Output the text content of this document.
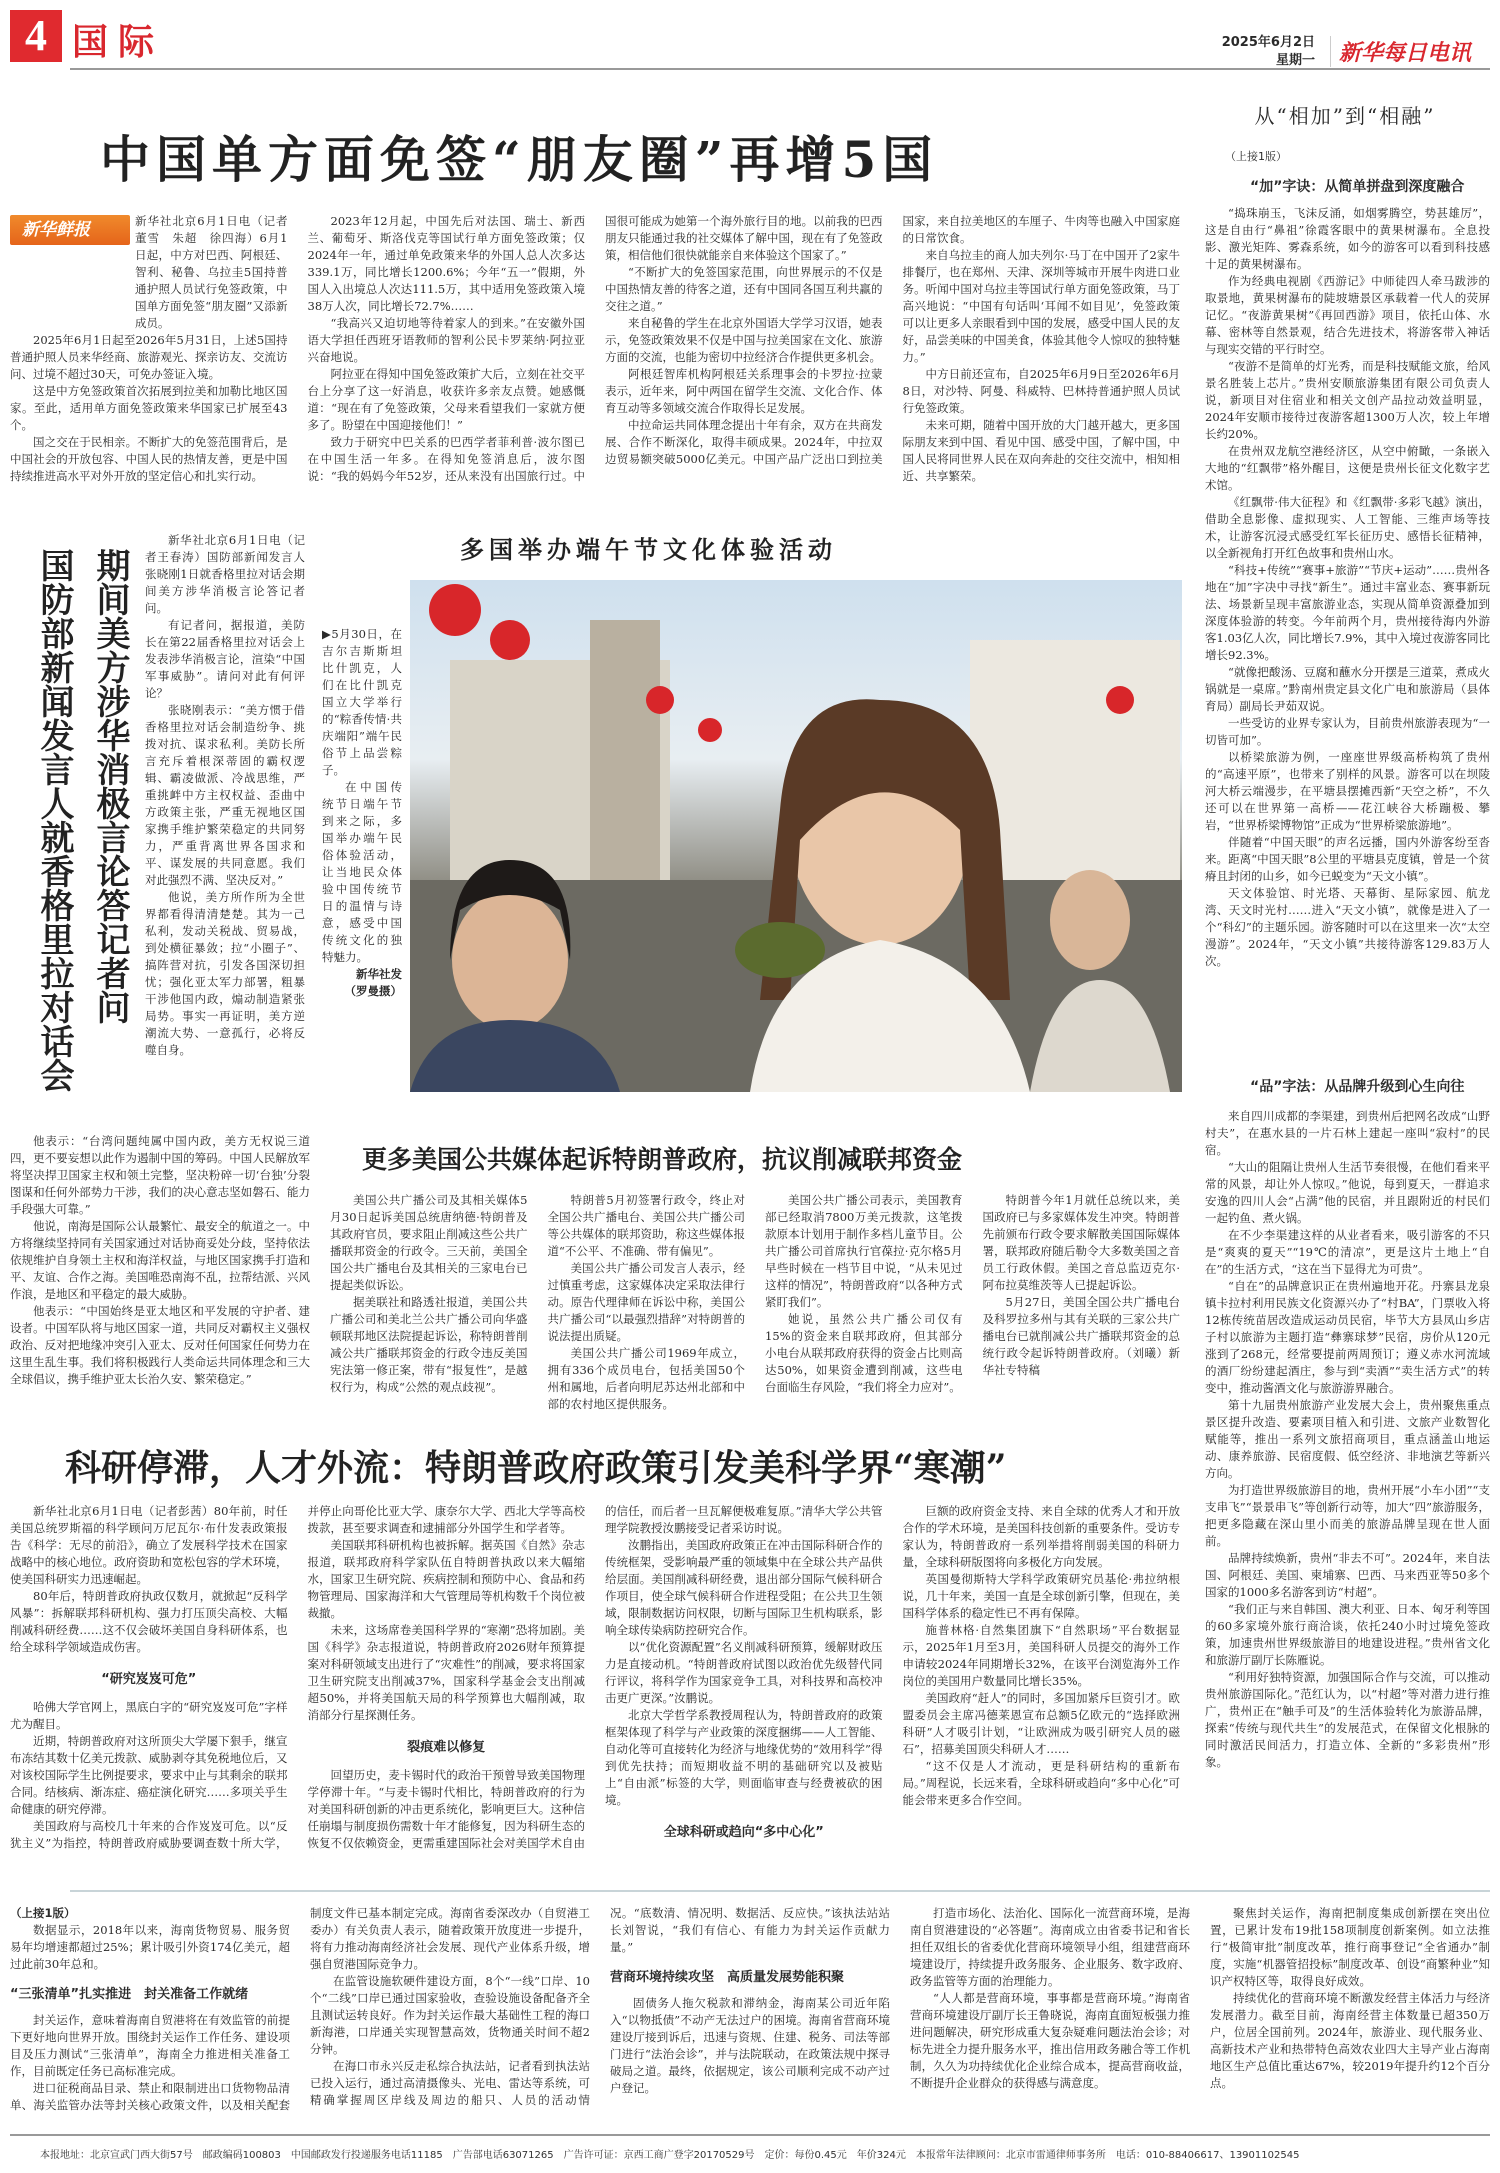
4 国际	2025年6月2日
星期一	新华每日电讯
中国单方面免签“朋友圈”再增5国
新华鲜报	新华社北京6月1日电（记者董雪　朱超　徐四海）6月1日起，中方对巴西、阿根廷、智利、秘鲁、乌拉圭5国持普通护照人员试行免签政策，中国单方面免签“朋友圈”又添新成员。

2025年6月1日起至2026年5月31日，上述5国持普通护照人员来华经商、旅游观光、探亲访友、交流访问、过境不超过30天，可免办签证入境。

这是中方免签政策首次拓展到拉美和加勒比地区国家。至此，适用单方面免签政策来华国家已扩展至43个。

国之交在于民相亲。不断扩大的免签范围背后，是中国社会的开放包容、中国人民的热情友善，更是中国持续推进高水平对外开放的坚定信心和扎实行动。

2023年12月起，中国先后对法国、瑞士、新西兰、葡萄牙、斯洛伐克等国试行单方面免签政策；仅2024年一年，通过单免政策来华的外国人总人次多达339.1万，同比增长1200.6%；今年“五一”假期，外国人入出境总人次达111.5万，其中适用免签政策入境38万人次，同比增长72.7%……

“我高兴又迫切地等待着家人的到来。”在安徽外国语大学担任西班牙语教师的智利公民卡罗莱纳·阿拉亚兴奋地说。

阿拉亚在得知中国免签政策扩大后，立刻在社交平台上分享了这一好消息，收获许多亲友点赞。她感慨道：“现在有了免签政策，父母来看望我们一家就方便多了。盼望在中国迎接他们！”

致力于研究中巴关系的巴西学者菲利普·波尔图已在中国生活一年多。在得知免签消息后，波尔图说：“我的妈妈今年52岁，还从来没有出国旅行过。中国很可能成为她第一个海外旅行目的地。以前我的巴西朋友只能通过我的社交媒体了解中国，现在有了免签政策，相信他们很快就能亲自来体验这个国家了。”

“不断扩大的免签国家范围，向世界展示的不仅是中国热情友善的待客之道，还有中国同各国互利共赢的交往之道。”

来自秘鲁的学生在北京外国语大学学习汉语，她表示，免签政策效果不仅是中国与拉美国家在文化、旅游方面的交流，也能为密切中拉经济合作提供更多机会。

阿根廷智库机构阿根廷关系理事会的卡罗拉·拉蒙表示，近年来，阿中两国在留学生交流、文化合作、体育互动等多领域交流合作取得长足发展。

中拉命运共同体理念提出十年有余，双方在共商发展、合作不断深化，取得丰硕成果。2024年，中拉双边贸易额突破5000亿美元。中国产品广泛出口到拉美国家，来自拉美地区的车厘子、牛肉等也融入中国家庭的日常饮食。

来自乌拉圭的商人加夫列尔·马丁在中国开了2家牛排餐厅，也在郑州、天津、深圳等城市开展牛肉进口业务。听闻中国对乌拉圭等国试行单方面免签政策，马丁高兴地说：“中国有句话叫‘耳闻不如目见’，免签政策可以让更多人亲眼看到中国的发展，感受中国人民的友好，品尝美味的中国美食，体验其他令人惊叹的独特魅力。”

中方日前还宣布，自2025年6月9日至2026年6月8日，对沙特、阿曼、科威特、巴林持普通护照人员试行免签政策。

未来可期，随着中国开放的大门越开越大，更多国际朋友来到中国、看见中国、感受中国，了解中国，中国人民将同世界人民在双向奔赴的交往交流中，相知相近、共享繁荣。

国防部新闻发言人就香格里拉对话会 期间美方涉华消极言论答记者问

新华社北京6月1日电（记者王春涛）国防部新闻发言人张晓刚1日就香格里拉对话会期间美方涉华消极言论答记者问。

有记者问，据报道，美防长在第22届香格里拉对话会上发表涉华消极言论，渲染“中国军事威胁”。请问对此有何评论？

张晓刚表示：“美方惯于借香格里拉对话会制造纷争、挑拨对抗、谋求私利。美防长所言充斥着根深蒂固的霸权逻辑、霸凌做派、冷战思维，严重挑衅中方主权权益、歪曲中方政策主张，严重无视地区国家携手维护繁荣稳定的共同努力，严重背离世界各国求和平、谋发展的共同意愿。我们对此强烈不满、坚决反对。”

他说，美方所作所为全世界都看得清清楚楚。其为一己私利，发动关税战、贸易战，到处横征暴敛；拉“小圈子”、搞阵营对抗，引发各国深切担忧；强化亚太军力部署，粗暴干涉他国内政，煽动制造紧张局势。事实一再证明，美方逆潮流大势、一意孤行，必将反噬自身。

他表示：“台湾问题纯属中国内政，美方无权说三道四，更不要妄想以此作为遏制中国的筹码。中国人民解放军将坚决捍卫国家主权和领土完整，坚决粉碎一切‘台独’分裂图谋和任何外部势力干涉，我们的决心意志坚如磐石、能力手段强大可靠。”

他说，南海是国际公认最繁忙、最安全的航道之一。中方将继续坚持同有关国家通过对话协商妥处分歧，坚持依法依规维护自身领土主权和海洋权益，与地区国家携手打造和平、友谊、合作之海。美国唯恐南海不乱，拉帮结派、兴风作浪，是地区和平稳定的最大威胁。

他表示：“中国始终是亚太地区和平发展的守护者、建设者。中国军队将与地区国家一道，共同反对霸权主义强权政治、反对把地缘冲突引入亚太、反对任何国家任何势力在这里生乱生事。我们将积极践行人类命运共同体理念和三大全球倡议，携手维护亚太长治久安、繁荣稳定。”

多国举办端午节文化体验活动

▶5月30日，在吉尔吉斯斯坦比什凯克，人们在比什凯克国立大学举行的“粽香传情·共庆端阳”端午民俗节上品尝粽子。

在中国传统节日端午节到来之际，多国举办端午民俗体验活动，让当地民众体验中国传统节日的温情与诗意，感受中国传统文化的独特魅力。

新华社发

（罗曼摄）

更多美国公共媒体起诉特朗普政府，抗议削减联邦资金

美国公共广播公司及其相关媒体5月30日起诉美国总统唐纳德·特朗普及其政府官员，要求阻止削减这些公共广播联邦资金的行政令。三天前，美国全国公共广播电台及其相关的三家电台已提起类似诉讼。

据美联社和路透社报道，美国公共广播公司和美北兰公共广播公司向华盛顿联邦地区法院提起诉讼，称特朗普削减公共广播联邦资金的行政令违反美国宪法第一修正案，带有“报复性”，是越权行为，构成“公然的观点歧视”。

特朗普5月初签署行政令，终止对全国公共广播电台、美国公共广播公司等公共媒体的联邦资助，称这些媒体报道“不公平、不准确、带有偏见”。

美国公共广播公司发言人表示，经过慎重考虑，这家媒体决定采取法律行动。原告代理律师在诉讼中称，美国公共广播公司“以最强烈措辞”对特朗普的说法提出质疑。

美国公共广播公司1969年成立，拥有336个成员电台，包括美国50个州和属地，后者向明尼苏达州北部和中部的农村地区提供服务。

美国公共广播公司表示，美国教育部已经取消7800万美元拨款，这笔拨款原本计划用于制作多档儿童节目。公共广播公司首席执行官葆拉·克尔格5月早些时候在一档节目中说，“从未见过这样的情况”，特朗普政府“以各种方式紧盯我们”。

她说，虽然公共广播公司仅有15%的资金来自联邦政府，但其部分小电台从联邦政府获得的资金占比则高达50%，如果资金遭到削减，这些电台面临生存风险，“我们将全力应对”。

特朗普今年1月就任总统以来，美国政府已与多家媒体发生冲突。特朗普先前颁布行政令要求解散美国国际媒体署，联邦政府随后勒令大多数美国之音员工行政休假。美国之音总监迈克尔·阿布拉莫维茨等人已提起诉讼。

5月27日，美国全国公共广播电台及科罗拉多州与其有关联的三家公共广播电台已就削减公共广播联邦资金的总统行政令起诉特朗普政府。（刘曦）新华社专特稿

科研停滞，人才外流：特朗普政府政策引发美科学界“寒潮”

新华社北京6月1日电（记者彭茜）80年前，时任美国总统罗斯福的科学顾问万尼瓦尔·布什发表政策报告《科学：无尽的前沿》，确立了发展科学技术在国家战略中的核心地位。政府资助和宽松包容的学术环境，使美国科研实力迅速崛起。

80年后，特朗普政府执政仅数月，就掀起“反科学风暴”：拆解联邦科研机构、强力打压顶尖高校、大幅削减科研经费……这不仅会破坏美国自身科研体系，也给全球科学领域造成伤害。

“研究岌岌可危”

哈佛大学官网上，黑底白字的“研究岌岌可危”字样尤为醒目。

近期，特朗普政府对这所顶尖大学屡下狠手，继宣布冻结其数十亿美元拨款、威胁剥夺其免税地位后，又对该校国际学生比例提要求，要求中止与其剩余的联邦合同。结核病、渐冻症、癌症演化研究……多项关乎生命健康的研究停滞。

美国政府与高校几十年来的合作岌岌可危。以“反犹主义”为指控，特朗普政府威胁要调查数十所大学，并停止向哥伦比亚大学、康奈尔大学、西北大学等高校拨款，甚至要求调查和逮捕部分外国学生和学者等。

美国联邦科研机构也被拆解。据英国《自然》杂志报道，联邦政府科学家队伍自特朗普执政以来大幅缩水，国家卫生研究院、疾病控制和预防中心、食品和药物管理局、国家海洋和大气管理局等机构数千个岗位被裁撤。

未来，这场席卷美国科学界的“寒潮”恐将加剧。美国《科学》杂志报道说，特朗普政府2026财年预算提案对科研领域支出进行了“灾难性”的削减，要求将国家卫生研究院支出削减37%，国家科学基金会支出削减超50%，并将美国航天局的科学预算也大幅削减，取消部分行星探测任务。

裂痕难以修复

回望历史，麦卡锡时代的政治干预曾导致美国物理学停滞十年。“与麦卡锡时代相比，特朗普政府的行为对美国科研创新的冲击更系统化，影响更巨大。这种信任崩塌与制度损伤需数十年才能修复，因为科研生态的恢复不仅依赖资金，更需重建国际社会对美国学术自由的信任，而后者一旦瓦解便极难复原。”清华大学公共管理学院教授汝鹏接受记者采访时说。

汝鹏指出，美国政府政策正在冲击国际科研合作的传统框架，受影响最严重的领域集中在全球公共产品供给层面。美国削减科研经费，退出部分国际气候科研合作项目，使全球气候科研合作进程受阻；在公共卫生领域，限制数据访问权限，切断与国际卫生机构联系，影响全球传染病防控研究合作。

以“优化资源配置”名义削减科研预算，缓解财政压力是直接动机。“特朗普政府试图以政治优先级替代同行评议，将科学作为国家竞争工具，对科技界和高校冲击更广更深。”汝鹏说。

北京大学哲学系教授周程认为，特朗普政府的政策框架体现了科学与产业政策的深度捆绑——人工智能、自动化等可直接转化为经济与地缘优势的“效用科学”得到优先扶持；而短期收益不明的基础研究以及被贴上“自由派”标签的大学，则面临审查与经费被砍的困境。

全球科研或趋向“多中心化”

巨额的政府资金支持、来自全球的优秀人才和开放合作的学术环境，是美国科技创新的重要条件。受访专家认为，特朗普政府一系列举措将削弱美国的科研力量，全球科研版图将向多极化方向发展。

英国曼彻斯特大学科学政策研究员基伦·弗拉纳根说，几十年来，美国一直是全球创新引擎，但现在，美国科学体系的稳定性已不再有保障。

施普林格·自然集团旗下“自然职场”平台数据显示，2025年1月至3月，美国科研人员提交的海外工作申请较2024年同期增长32%，在该平台浏览海外工作岗位的美国用户数量同比增长35%。

美国政府“赶人”的同时，多国加紧斥巨资引才。欧盟委员会主席冯德莱恩宣布总额5亿欧元的“选择欧洲科研”人才吸引计划，“让欧洲成为吸引研究人员的磁石”，招募美国顶尖科研人才……

“这不仅是人才流动，更是科研结构的重新布局。”周程说，长远来看，全球科研或趋向“多中心化”可能会带来更多合作空间。

从“相加”到“相融”
（上接1版）
“加”字诀：从简单拼盘到深度融合

“捣珠崩玉，飞沫反涌，如烟雾腾空，势甚雄厉”，这是自由行“鼻祖”徐霞客眼中的黄果树瀑布。全息投影、激光矩阵、雾森系统，如今的游客可以看到科技感十足的黄果树瀑布。

作为经典电视剧《西游记》中师徒四人牵马跋涉的取景地，黄果树瀑布的陡坡塘景区承载着一代人的荧屏记忆。“夜游黄果树”《再回西游》项目，依托山体、水幕、密林等自然景观，结合先进技术，将游客带入神话与现实交错的平行时空。

“夜游不是简单的灯光秀，而是科技赋能文旅，给风景名胜装上芯片。”贵州安顺旅游集团有限公司负责人说，新项目对住宿业和相关文创产品拉动效益明显，2024年安顺市接待过夜游客超1300万人次，较上年增长约20%。

在贵州双龙航空港经济区，从空中俯瞰，一条嵌入大地的“红飘带”格外醒目，这便是贵州长征文化数字艺术馆。

《红飘带·伟大征程》和《红飘带·多彩飞越》演出，借助全息影像、虚拟现实、人工智能、三维声场等技术，让游客沉浸式感受红军长征历史、感悟长征精神，以全新视角打开红色故事和贵州山水。

“科技+传统”“赛事+旅游”“节庆+运动”……贵州各地在“加”字决中寻找“新生”。通过丰富业态、赛事新玩法、场景新呈现丰富旅游业态，实现从简单资源叠加到深度体验游的转变。今年前两个月，贵州接待海内外游客1.03亿人次，同比增长7.9%，其中入境过夜游客同比增长92.3%。

“就像把酸汤、豆腐和蘸水分开摆是三道菜，煮成火锅就是一桌席。”黔南州贵定县文化广电和旅游局（县体育局）副局长尹茹双说。

一些受访的业界专家认为，目前贵州旅游表现为“一切皆可加”。

以桥梁旅游为例，一座座世界级高桥构筑了贵州的“高速平原”，也带来了别样的风景。游客可以在坝陵河大桥云端漫步，在平塘县摆摊西新“天空之桥”，不久还可以在世界第一高桥——花江峡谷大桥蹦极、攀岩，“世界桥梁博物馆”正成为“世界桥梁旅游地”。

伴随着“中国天眼”的声名远播，国内外游客纷至沓来。距离“中国天眼”8公里的平塘县克度镇，曾是一个贫瘠且封闭的山乡，如今已蜕变为“天文小镇”。

天文体验馆、时光塔、天幕街、星际家园、航龙湾、天文时光村……进入“天文小镇”，就像是进入了一个“科幻”的主题乐园。游客随时可以在这里来一次“太空漫游”。2024年，“天文小镇”共接待游客129.83万人次。

“品”字法：从品牌升级到心生向往

来自四川成都的李渠建，到贵州后把网名改成“山野村夫”，在惠水县的一片石林上建起一座叫“寂村”的民宿。

“大山的阻隔让贵州人生活节奏很慢，在他们看来平常的风景，却让外人惊叹。”他说，每到夏天，一群追求安逸的四川人会“占满”他的民宿，并且跟附近的村民们一起钓鱼、煮火锅。

在不少李渠建这样的从业者看来，吸引游客的不只是“爽爽的夏天”“19℃的清凉”，更是这片土地上“自在”的生活方式，“这在当下显得尤为可贵”。

“自在”的品牌意识正在贵州遍地开花。丹寨县龙泉镇卡拉村利用民族文化资源兴办了“村BA”，门票收入将12栋传统苗居改造成运动员民宿，毕节大方县凤山乡店子村以旅游为主题打造“彝寨球梦”民宿，房价从120元涨到了268元，经常要提前两周预订；遵义赤水河流域的酒厂纷纷建起酒庄，参与到“卖酒”“卖生活方式”的转变中，推动酱酒文化与旅游游界融合。

第十九届贵州旅游产业发展大会上，贵州聚焦重点景区提升改造、要素项目植入和引进、文旅产业数智化赋能等，推出一系列文旅招商项目，重点涵盖山地运动、康养旅游、民宿度假、低空经济、非地演艺等新兴方向。

为打造世界级旅游目的地，贵州开展“小车小团”“支支串飞”“景景串飞”等创新行动等，加大“四”旅游服务，把更多隐藏在深山里小而美的旅游品牌呈现在世人面前。

品牌持续焕新，贵州“非去不可”。2024年，来自法国、阿根廷、美国、柬埔寨、巴西、马来西亚等50多个国家的1000多名游客到访“村超”。

“我们正与来自韩国、澳大利亚、日本、匈牙利等国的60多家境外旅行商洽谈，依托240小时过境免签政策，加速贵州世界级旅游目的地建设进程。”贵州省文化和旅游厅副厅长陈雁说。

“利用好独特资源，加强国际合作与交流，可以推动贵州旅游国际化。”范红认为，以“村超”等对潜力进行推广，贵州正在“触手可及”的生活体验转化为旅游品牌，探索“传统与现代共生”的发展范式，在保留文化根脉的同时激活民间活力，打造立体、全新的“多彩贵州”形象。

（上接1版）

数据显示，2018年以来，海南货物贸易、服务贸易年均增速都超过25%；累计吸引外资174亿美元，超过此前30年总和。

“三张清单”扎实推进　封关准备工作就绪

封关运作，意味着海南自贸港将在有效监管的前提下更好地向世界开放。围绕封关运作工作任务、建设项目及压力测试“三张清单”，海南全力推进相关准备工作，目前既定任务已高标准完成。

进口征税商品目录、禁止和限制进出口货物物品清单、海关监管办法等封关核心政策文件，以及相关配套制度文件已基本制定完成。海南省委深改办（自贸港工委办）有关负责人表示，随着政策开放度进一步提升，将有力推动海南经济社会发展、现代产业体系升级，增强自贸港国际竞争力。

在监管设施软硬件建设方面，8个“一线”口岸、10个“二线”口岸已通过国家验收，查验设施设备配备齐全且测试运转良好。作为封关运作最大基础性工程的海口新海港，口岸通关实现智慧高效，货物通关时间不超2分钟。

在海口市永兴反走私综合执法站，记者看到执法站已投入运行，通过高清摄像头、光电、雷达等系统，可精确掌握周区岸线及周边的船只、人员的活动情况。“底数清、情况明、数据活、反应快。”该执法站站长刘智说，“我们有信心、有能力为封关运作贡献力量。”

营商环境持续攻坚　高质量发展势能积聚

固债务人拖欠税款和滞纳金，海南某公司近年陷入“以物抵债”不动产无法过户的困境。海南省营商环境建设厅接到诉后，迅速与资规、住建、税务、司法等部门进行“法治会诊”，并与法院联动，在政策法规中探寻破局之道。最终，依据规定，该公司顺利完成不动产过户登记。

打造市场化、法治化、国际化一流营商环境，是海南自贸港建设的“必答题”。海南成立由省委书记和省长担任双组长的省委优化营商环境领导小组，组建营商环境建设厅，持续提升政务服务、企业服务、数字政府、政务监管等方面的治理能力。

“人人都是营商环境，事事都是营商环境。”海南省营商环境建设厅副厅长王鲁晓说，海南直面短板强力推进问题解决，研究形成重大复杂疑难问题法治会诊；对标先进全力提升服务水平，推出信用政务融合等工作机制，久久为功持续优化企业综合成本，提高营商收益，不断提升企业群众的获得感与满意度。

聚焦封关运作，海南把制度集成创新摆在突出位置，已累计发布19批158项制度创新案例。如立法推行“极简审批”制度改革，推行商事登记“全省通办”制度，实施“机器管招投标”制度改革、创设“商繁种业”知识产权特区等，取得良好成效。

持续优化的营商环境不断激发经营主体活力与经济发展潜力。截至目前，海南经营主体数量已超350万户，位居全国前列。2024年，旅游业、现代服务业、高新技术产业和热带特色高效农业四大主导产业占海南地区生产总值比重达67%，较2019年提升约12个百分点。

本报地址：北京宣武门西大街57号　邮政编码100803　中国邮政发行投递服务电话11185　广告部电话63071265　广告许可证：京西工商广登字20170529号　定价：每份0.45元　年价324元　本报常年法律顾问：北京市雷通律师事务所　电话：010-88406617、13901102545
